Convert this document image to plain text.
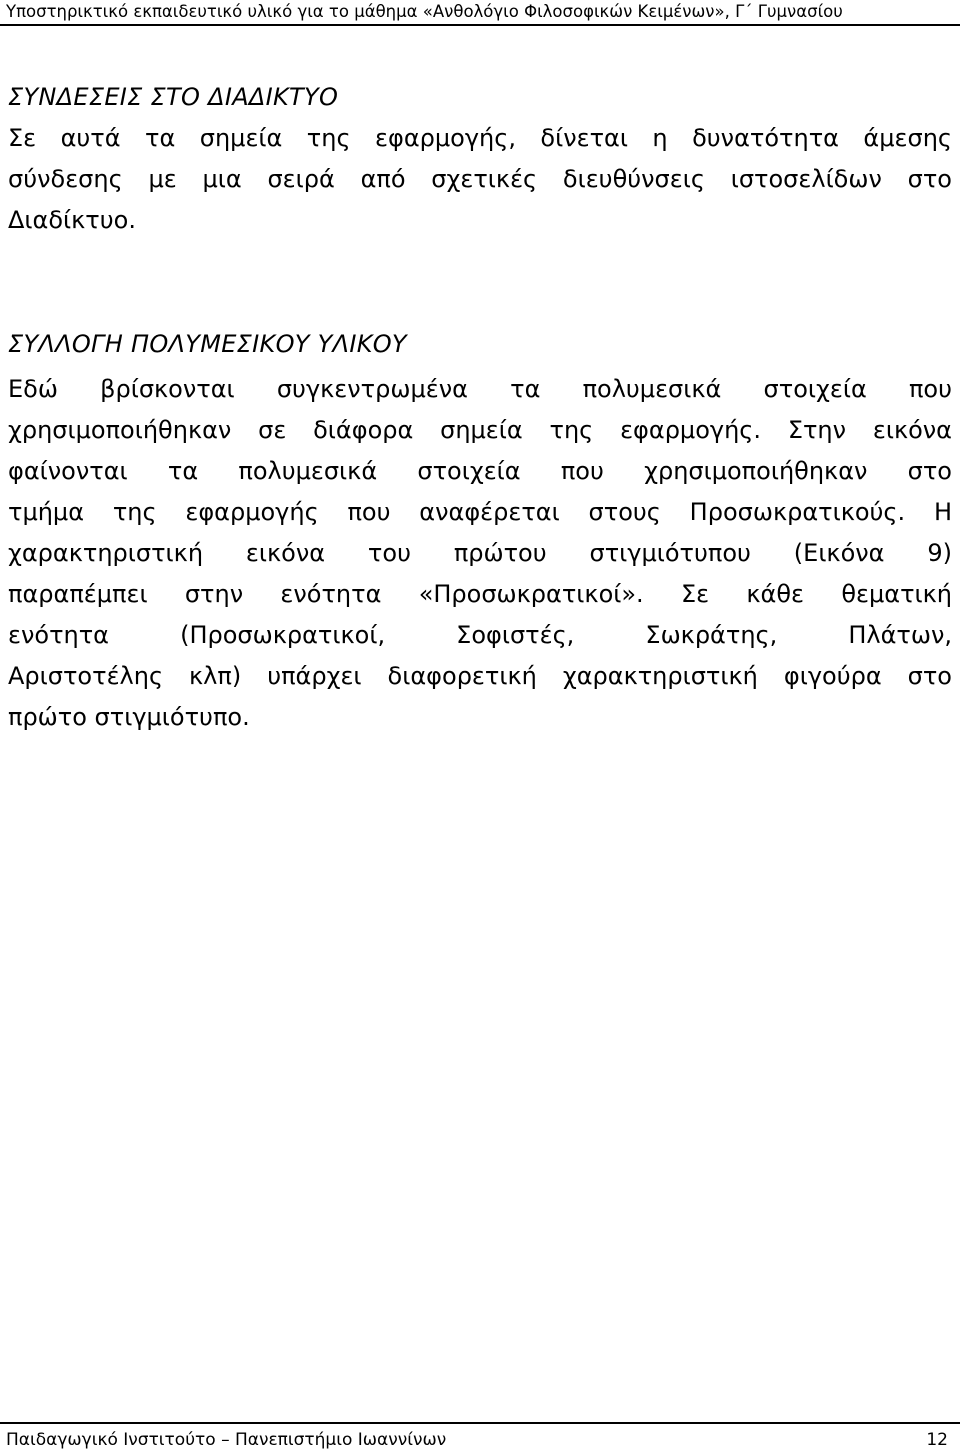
Υποστηρικτικό εκπαιδευτικό υλικό για το μάθημα «Ανθολόγιο Φιλοσοφικών Κειμένων», Γ΄ Γυμνασίου
ΣΥΝΔΕΣΕΙΣ ΣΤΟ ΔΙΑΔΙΚΤΥΟ

Σε αυτά τα σημεία της εφαρμογής, δίνεται η δυνατότητα άμεσης
σύνδεσης με μια σειρά από σχετικές διευθύνσεις ιστοσελίδων στο
Διαδίκτυο.

ΣΥΛΛΟΓΗ ΠΟΛΥΜΕΣΙΚΟΥ ΥΛΙΚΟΥ

Εδώ βρίσκονται συγκεντρωμένα τα πολυμεσικά στοιχεία που
χρησιμοποιήθηκαν σε διάφορα σημεία της εφαρμογής. Στην εικόνα
φαίνονται τα πολυμεσικά στοιχεία που χρησιμοποιήθηκαν στο
τμήμα της εφαρμογής που αναφέρεται στους Προσωκρατικούς. Η
χαρακτηριστική εικόνα του πρώτου στιγμιότυπου (Εικόνα 9)
παραπέμπει στην ενότητα «Προσωκρατικοί». Σε κάθε θεματική
ενότητα (Προσωκρατικοί, Σοφιστές, Σωκράτης, Πλάτων,
Αριστοτέλης κλπ) υπάρχει διαφορετική χαρακτηριστική φιγούρα στο
πρώτο στιγμιότυπο.

Παιδαγωγικό Ινστιτούτο – Πανεπιστήμιο Ιωαννίνων	12
